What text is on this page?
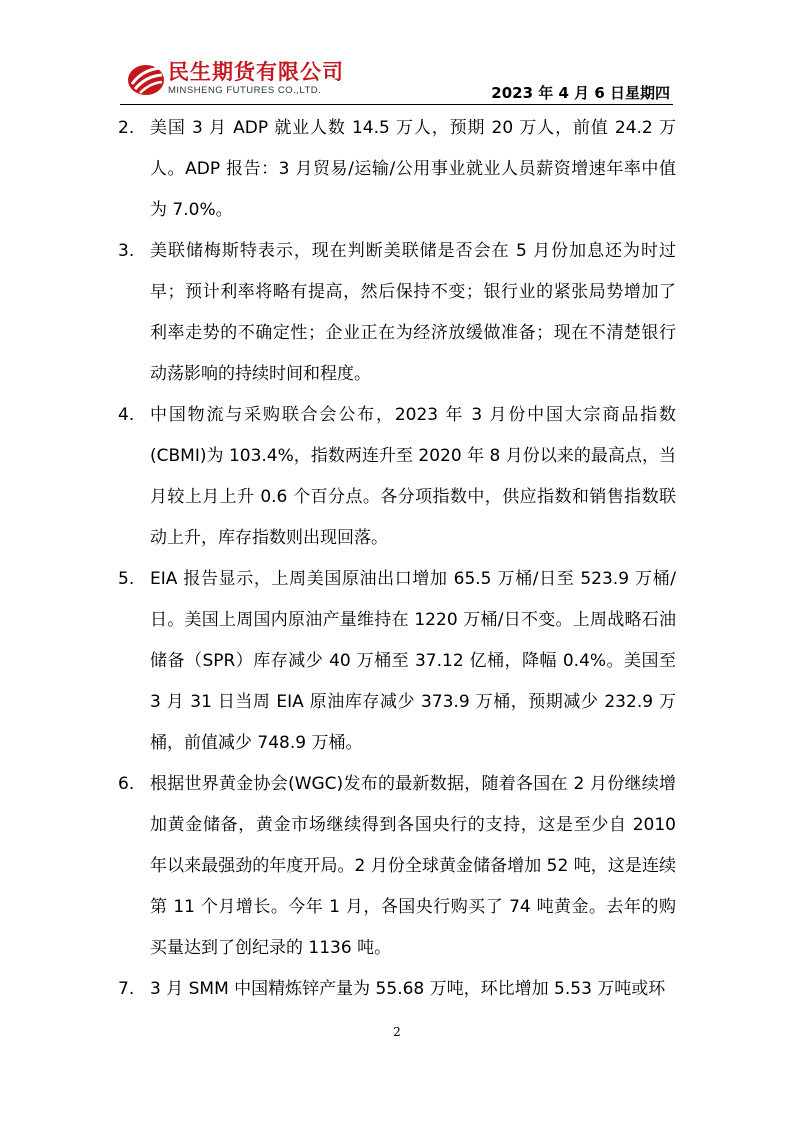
民生期货有限公司
MINSHENG FUTURES CO.,LTD.	2023 年 4 月 6 日星期四
2. 美国 3 月 ADP 就业人数 14.5 万人，预期 20 万人，前值 24.2 万人。ADP 报告：3 月贸易/运输/公用事业就业人员薪资增速年率中值为 7.0%。
3. 美联储梅斯特表示，现在判断美联储是否会在 5 月份加息还为时过早；预计利率将略有提高，然后保持不变；银行业的紧张局势增加了利率走势的不确定性；企业正在为经济放缓做准备；现在不清楚银行动荡影响的持续时间和程度。
4. 中国物流与采购联合会公布，2023 年 3 月份中国大宗商品指数(CBMI)为 103.4%，指数两连升至 2020 年 8 月份以来的最高点，当月较上月上升 0.6 个百分点。各分项指数中，供应指数和销售指数联动上升，库存指数则出现回落。
5. EIA 报告显示，上周美国原油出口增加 65.5 万桶/日至 523.9 万桶/日。美国上周国内原油产量维持在 1220 万桶/日不变。上周战略石油储备（SPR）库存减少 40 万桶至 37.12 亿桶，降幅 0.4%。美国至 3 月 31 日当周 EIA 原油库存减少 373.9 万桶，预期减少 232.9 万桶，前值减少 748.9 万桶。
6. 根据世界黄金协会(WGC)发布的最新数据，随着各国在 2 月份继续增加黄金储备，黄金市场继续得到各国央行的支持，这是至少自 2010 年以来最强劲的年度开局。2 月份全球黄金储备增加 52 吨，这是连续第 11 个月增长。今年 1 月，各国央行购买了 74 吨黄金。去年的购买量达到了创纪录的 1136 吨。
7. 3 月 SMM 中国精炼锌产量为 55.68 万吨，环比增加 5.53 万吨或环
2
